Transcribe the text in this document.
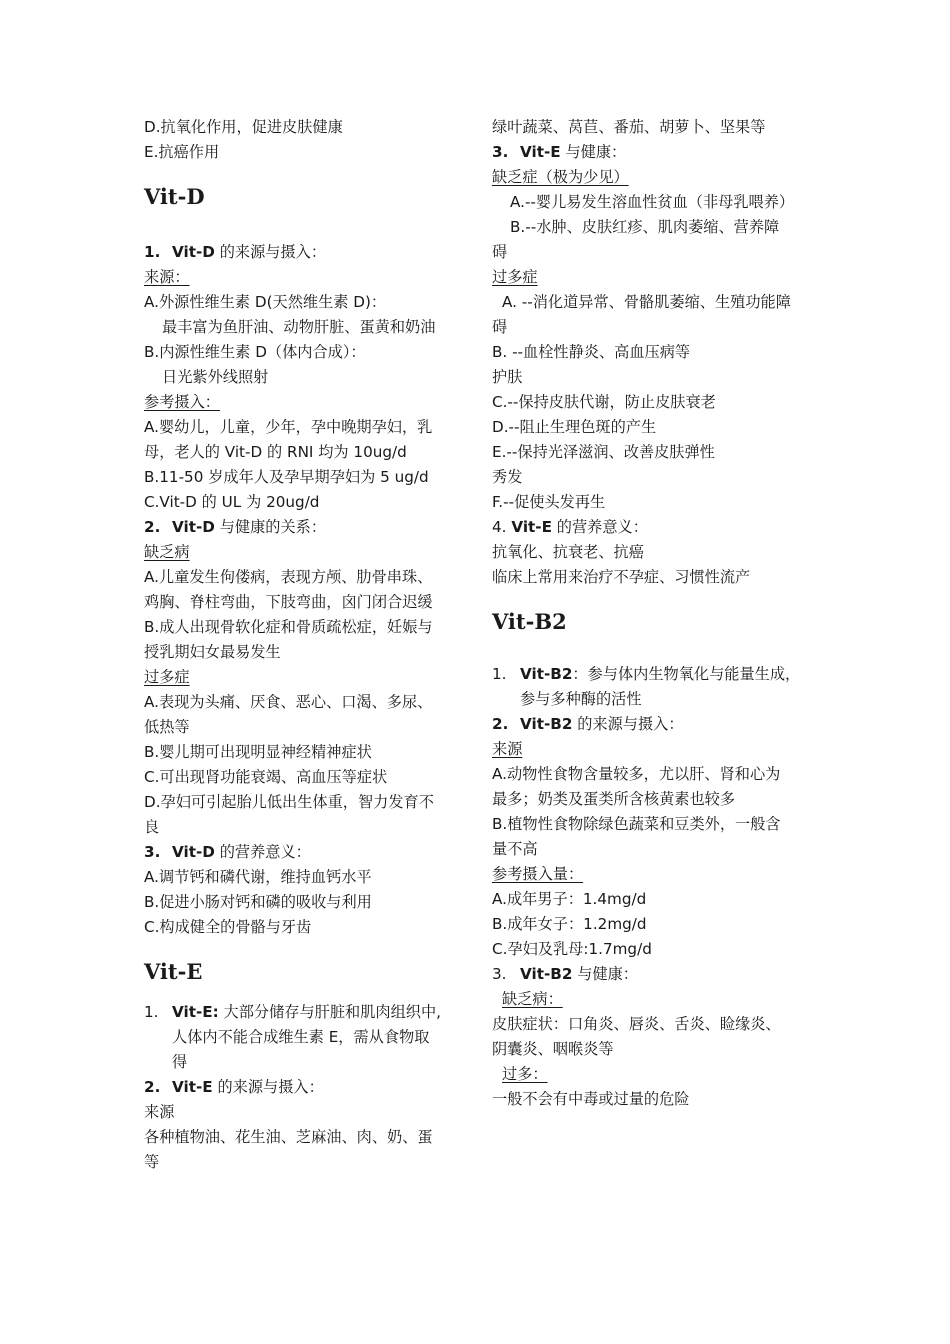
D.抗氧化作用，促进皮肤健康
E.抗癌作用
Vit-D
1. Vit-D 的来源与摄入：
来源：
A.外源性维生素 D(天然维生素 D)：
最丰富为鱼肝油、动物肝脏、蛋黄和奶油
B.内源性维生素 D（体内合成）：
日光紫外线照射
参考摄入：
A.婴幼儿，儿童，少年，孕中晚期孕妇，乳
母，老人的 Vit-D 的 RNI 均为 10ug/d
B.11-50 岁成年人及孕早期孕妇为 5 ug/d
C.Vit-D 的 UL 为 20ug/d
2. Vit-D 与健康的关系：
缺乏病
A.儿童发生佝偻病，表现方颅、肋骨串珠、
鸡胸、脊柱弯曲，下肢弯曲，囟门闭合迟缓
B.成人出现骨软化症和骨质疏松症，妊娠与
授乳期妇女最易发生
过多症
A.表现为头痛、厌食、恶心、口渴、多尿、
低热等
B.婴儿期可出现明显神经精神症状
C.可出现肾功能衰竭、高血压等症状
D.孕妇可引起胎儿低出生体重，智力发育不
良
3. Vit-D 的营养意义：
A.调节钙和磷代谢，维持血钙水平
B.促进小肠对钙和磷的吸收与利用
C.构成健全的骨骼与牙齿
Vit-E
1. Vit-E: 大部分储存与肝脏和肌肉组织中,
人体内不能合成维生素 E，需从食物取
得
2. Vit-E 的来源与摄入：
来源
各种植物油、花生油、芝麻油、肉、奶、蛋
等
绿叶蔬菜、莴苣、番茄、胡萝卜、坚果等
3. Vit-E 与健康：
缺乏症（极为少见）
A.--婴儿易发生溶血性贫血（非母乳喂养）
B.--水肿、皮肤红疹、肌肉萎缩、营养障
碍
过多症
A. --消化道异常、骨骼肌萎缩、生殖功能障
碍
B. --血栓性静炎、高血压病等
护肤
C.--保持皮肤代谢，防止皮肤衰老
D.--阻止生理色斑的产生
E.--保持光泽滋润、改善皮肤弹性
秀发
F.--促使头发再生
4. Vit-E 的营养意义：
抗氧化、抗衰老、抗癌
临床上常用来治疗不孕症、习惯性流产
Vit-B2
1. Vit-B2：参与体内生物氧化与能量生成，
参与多种酶的活性
2. Vit-B2 的来源与摄入：
来源
A.动物性食物含量较多，尤以肝、肾和心为
最多；奶类及蛋类所含核黄素也较多
B.植物性食物除绿色蔬菜和豆类外，一般含
量不高
参考摄入量：
A.成年男子：1.4mg/d
B.成年女子：1.2mg/d
C.孕妇及乳母:1.7mg/d
3. Vit-B2 与健康：
缺乏病：
皮肤症状：口角炎、唇炎、舌炎、睑缘炎、
阴囊炎、咽喉炎等
过多：
一般不会有中毒或过量的危险
